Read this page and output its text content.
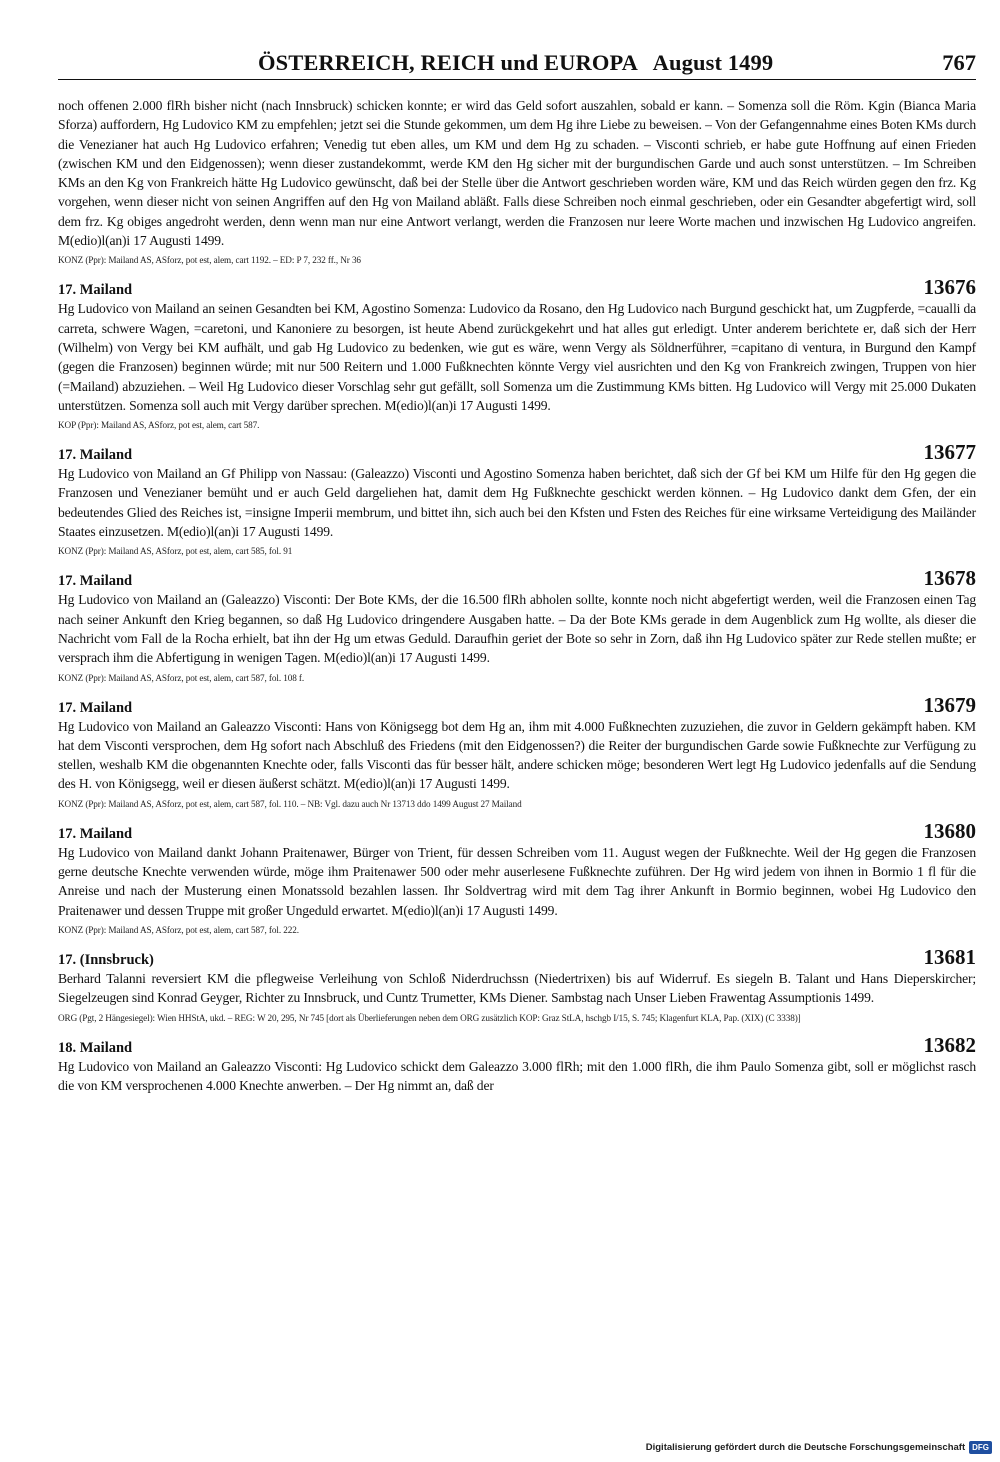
ÖSTERREICH, REICH und EUROPA   August 1499	767

noch offenen 2.000 flRh bisher nicht (nach Innsbruck) schicken konnte; er wird das Geld sofort auszahlen, sobald er kann. – Somenza soll die Röm. Kgin (Bianca Maria Sforza) auffordern, Hg Ludovico KM zu empfehlen; jetzt sei die Stunde gekommen, um dem Hg ihre Liebe zu beweisen. – Von der Gefangennahme eines Boten KMs durch die Venezianer hat auch Hg Ludovico erfahren; Venedig tut eben alles, um KM und dem Hg zu schaden. – Visconti schrieb, er habe gute Hoffnung auf einen Frieden (zwischen KM und den Eidgenossen); wenn dieser zustandekommt, werde KM den Hg sicher mit der burgundischen Garde und auch sonst unterstützen. – Im Schreiben KMs an den Kg von Frankreich hätte Hg Ludovico gewünscht, daß bei der Stelle über die Antwort geschrieben worden wäre, KM und das Reich würden gegen den frz. Kg vorgehen, wenn dieser nicht von seinen Angriffen auf den Hg von Mailand abläßt. Falls diese Schreiben noch einmal geschrieben, oder ein Gesandter abgefertigt wird, soll dem frz. Kg obiges angedroht werden, denn wenn man nur eine Antwort verlangt, werden die Franzosen nur leere Worte machen und inzwischen Hg Ludovico angreifen. M(edio)l(an)i 17 Augusti 1499.

KONZ (Ppr): Mailand AS, ASforz, pot est, alem, cart 1192. – ED: P 7, 232 ff., Nr 36
17. Mailand	13676

Hg Ludovico von Mailand an seinen Gesandten bei KM, Agostino Somenza: Ludovico da Rosano, den Hg Ludovico nach Burgund geschickt hat, um Zugpferde, =caualli da carreta, schwere Wagen, =caretoni, und Kanoniere zu besorgen, ist heute Abend zurückgekehrt und hat alles gut erledigt. Unter anderem berichtete er, daß sich der Herr (Wilhelm) von Vergy bei KM aufhält, und gab Hg Ludovico zu bedenken, wie gut es wäre, wenn Vergy als Söldnerführer, =capitano di ventura, in Burgund den Kampf (gegen die Franzosen) beginnen würde; mit nur 500 Reitern und 1.000 Fußknechten könnte Vergy viel ausrichten und den Kg von Frankreich zwingen, Truppen von hier (=Mailand) abzuziehen. – Weil Hg Ludovico dieser Vorschlag sehr gut gefällt, soll Somenza um die Zustimmung KMs bitten. Hg Ludovico will Vergy mit 25.000 Dukaten unterstützen. Somenza soll auch mit Vergy darüber sprechen. M(edio)l(an)i 17 Augusti 1499.

KOP (Ppr): Mailand AS, ASforz, pot est, alem, cart 587.
17. Mailand	13677

Hg Ludovico von Mailand an Gf Philipp von Nassau: (Galeazzo) Visconti und Agostino Somenza haben berichtet, daß sich der Gf bei KM um Hilfe für den Hg gegen die Franzosen und Venezianer bemüht und er auch Geld dargeliehen hat, damit dem Hg Fußknechte geschickt werden können. – Hg Ludovico dankt dem Gfen, der ein bedeutendes Glied des Reiches ist, =insigne Imperii membrum, und bittet ihn, sich auch bei den Kfsten und Fsten des Reiches für eine wirksame Verteidigung des Mailänder Staates einzusetzen. M(edio)l(an)i 17 Augusti 1499.

KONZ (Ppr): Mailand AS, ASforz, pot est, alem, cart 585, fol. 91
17. Mailand	13678

Hg Ludovico von Mailand an (Galeazzo) Visconti: Der Bote KMs, der die 16.500 flRh abholen sollte, konnte noch nicht abgefertigt werden, weil die Franzosen einen Tag nach seiner Ankunft den Krieg begannen, so daß Hg Ludovico dringendere Ausgaben hatte. – Da der Bote KMs gerade in dem Augenblick zum Hg wollte, als dieser die Nachricht vom Fall de la Rocha erhielt, bat ihn der Hg um etwas Geduld. Daraufhin geriet der Bote so sehr in Zorn, daß ihn Hg Ludovico später zur Rede stellen mußte; er versprach ihm die Abfertigung in wenigen Tagen. M(edio)l(an)i 17 Augusti 1499.

KONZ (Ppr): Mailand AS, ASforz, pot est, alem, cart 587, fol. 108 f.
17. Mailand	13679

Hg Ludovico von Mailand an Galeazzo Visconti: Hans von Königsegg bot dem Hg an, ihm mit 4.000 Fußknechten zuzuziehen, die zuvor in Geldern gekämpft haben. KM hat dem Visconti versprochen, dem Hg sofort nach Abschluß des Friedens (mit den Eidgenossen?) die Reiter der burgundischen Garde sowie Fußknechte zur Verfügung zu stellen, weshalb KM die obgenannten Knechte oder, falls Visconti das für besser hält, andere schicken möge; besonderen Wert legt Hg Ludovico jedenfalls auf die Sendung des H. von Königsegg, weil er diesen äußerst schätzt. M(edio)l(an)i 17 Augusti 1499.

KONZ (Ppr): Mailand AS, ASforz, pot est, alem, cart 587, fol. 110. – NB: Vgl. dazu auch Nr 13713 ddo 1499 August 27 Mailand
17. Mailand	13680

Hg Ludovico von Mailand dankt Johann Praitenawer, Bürger von Trient, für dessen Schreiben vom 11. August wegen der Fußknechte. Weil der Hg gegen die Franzosen gerne deutsche Knechte verwenden würde, möge ihm Praitenawer 500 oder mehr auserlesene Fußknechte zuführen. Der Hg wird jedem von ihnen in Bormio 1 fl für die Anreise und nach der Musterung einen Monatssold bezahlen lassen. Ihr Soldvertrag wird mit dem Tag ihrer Ankunft in Bormio beginnen, wobei Hg Ludovico den Praitenawer und dessen Truppe mit großer Ungeduld erwartet. M(edio)l(an)i 17 Augusti 1499.

KONZ (Ppr): Mailand AS, ASforz, pot est, alem, cart 587, fol. 222.
17. (Innsbruck)	13681

Berhard Talanni reversiert KM die pflegweise Verleihung von Schloß Niderdruchssn (Niedertrixen) bis auf Widerruf. Es siegeln B. Talant und Hans Dieperskircher; Siegelzeugen sind Konrad Geyger, Richter zu Innsbruck, und Cuntz Trumetter, KMs Diener. Sambstag nach Unser Lieben Frawentag Assumptionis 1499.

ORG (Pgt, 2 Hängesiegel): Wien HHStA, ukd. – REG: W 20, 295, Nr 745 [dort als Überlieferungen neben dem ORG zusätzlich KOP: Graz StLA, hschgb I/15, S. 745; Klagenfurt KLA, Pap. (XIX) (C 3338)]
18. Mailand	13682

Hg Ludovico von Mailand an Galeazzo Visconti: Hg Ludovico schickt dem Galeazzo 3.000 flRh; mit den 1.000 flRh, die ihm Paulo Somenza gibt, soll er möglichst rasch die von KM versprochenen 4.000 Knechte anwerben. – Der Hg nimmt an, daß der

Digitalisierung gefördert durch die Deutsche Forschungsgemeinschaft DFG
